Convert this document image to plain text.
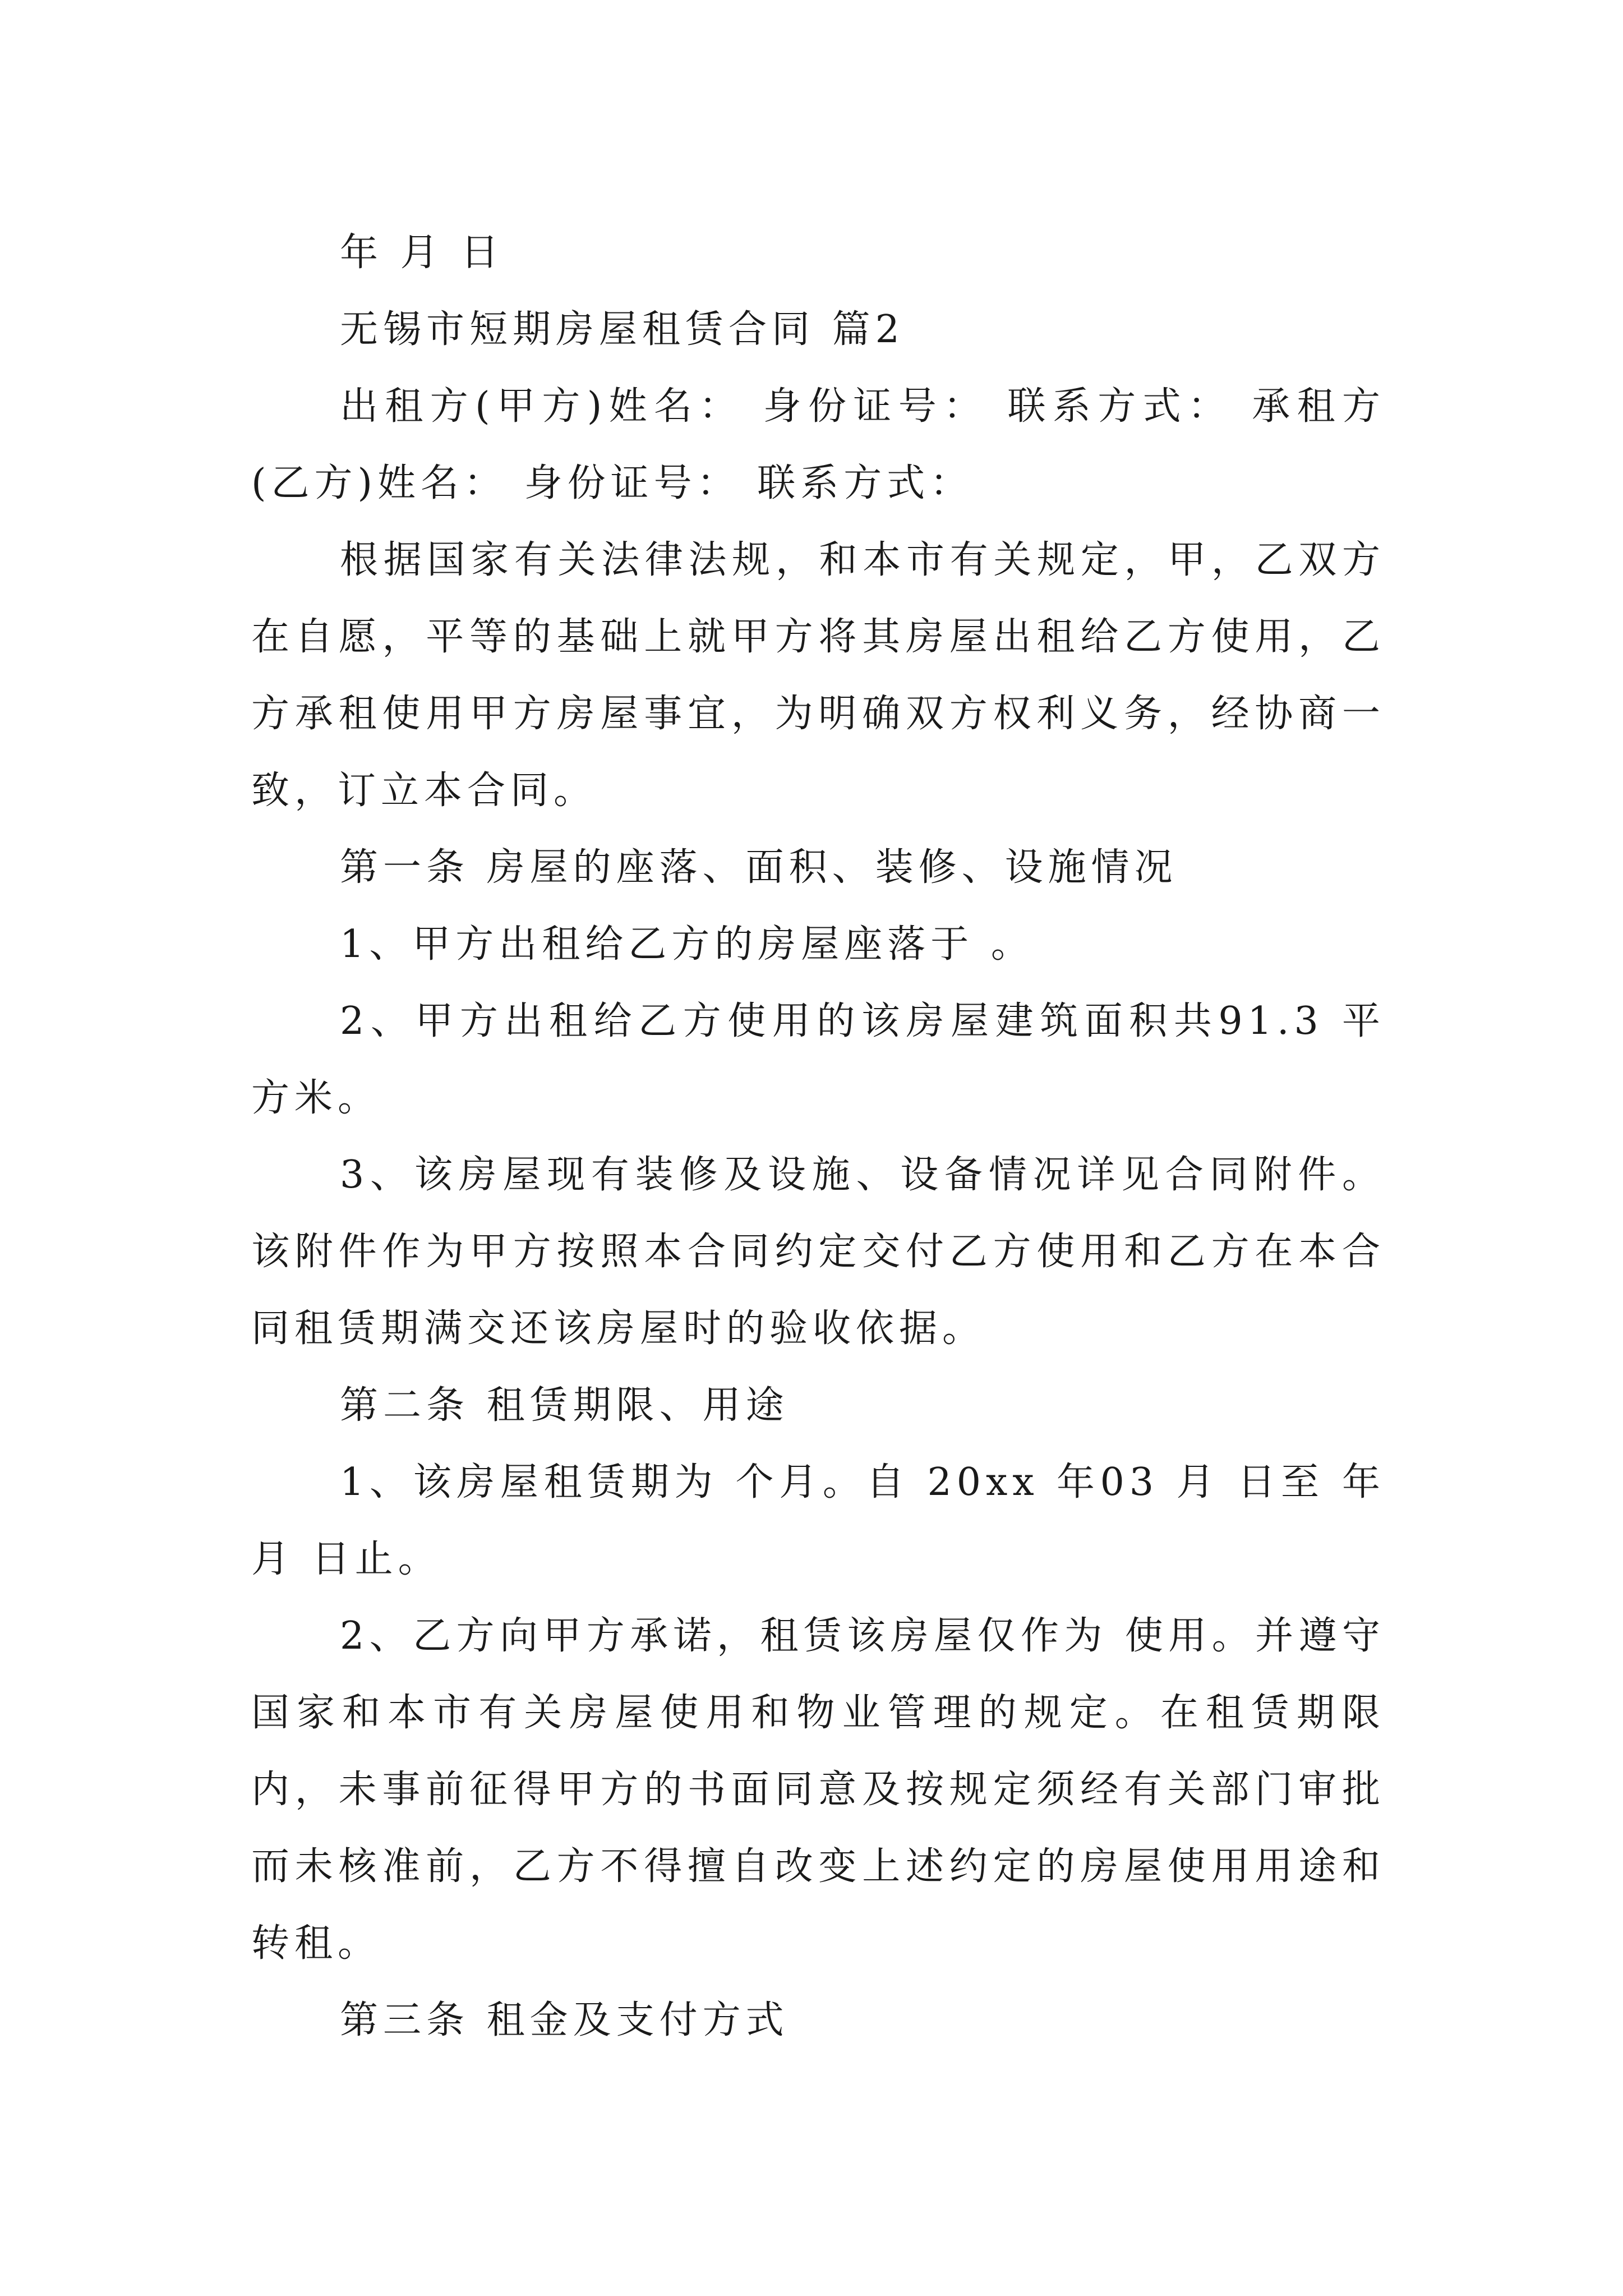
年 月 日

无锡市短期房屋租赁合同 篇2

出租方(甲方)姓名： 身份证号： 联系方式： 承租方(乙方)姓名： 身份证号： 联系方式：

根据国家有关法律法规，和本市有关规定，甲，乙双方在自愿，平等的基础上就甲方将其房屋出租给乙方使用，乙方承租使用甲方房屋事宜，为明确双方权利义务，经协商一致，订立本合同。

第一条 房屋的座落、面积、装修、设施情况

1、甲方出租给乙方的房屋座落于 。

2、甲方出租给乙方使用的该房屋建筑面积共91.3 平方米。

3、该房屋现有装修及设施、设备情况详见合同附件。该附件作为甲方按照本合同约定交付乙方使用和乙方在本合同租赁期满交还该房屋时的验收依据。

第二条 租赁期限、用途

1、该房屋租赁期为 个月。自 20xx 年03 月 日至 年 月 日止。

2、乙方向甲方承诺，租赁该房屋仅作为 使用。并遵守国家和本市有关房屋使用和物业管理的规定。在租赁期限内，未事前征得甲方的书面同意及按规定须经有关部门审批而未核准前，乙方不得擅自改变上述约定的房屋使用用途和转租。

第三条 租金及支付方式
